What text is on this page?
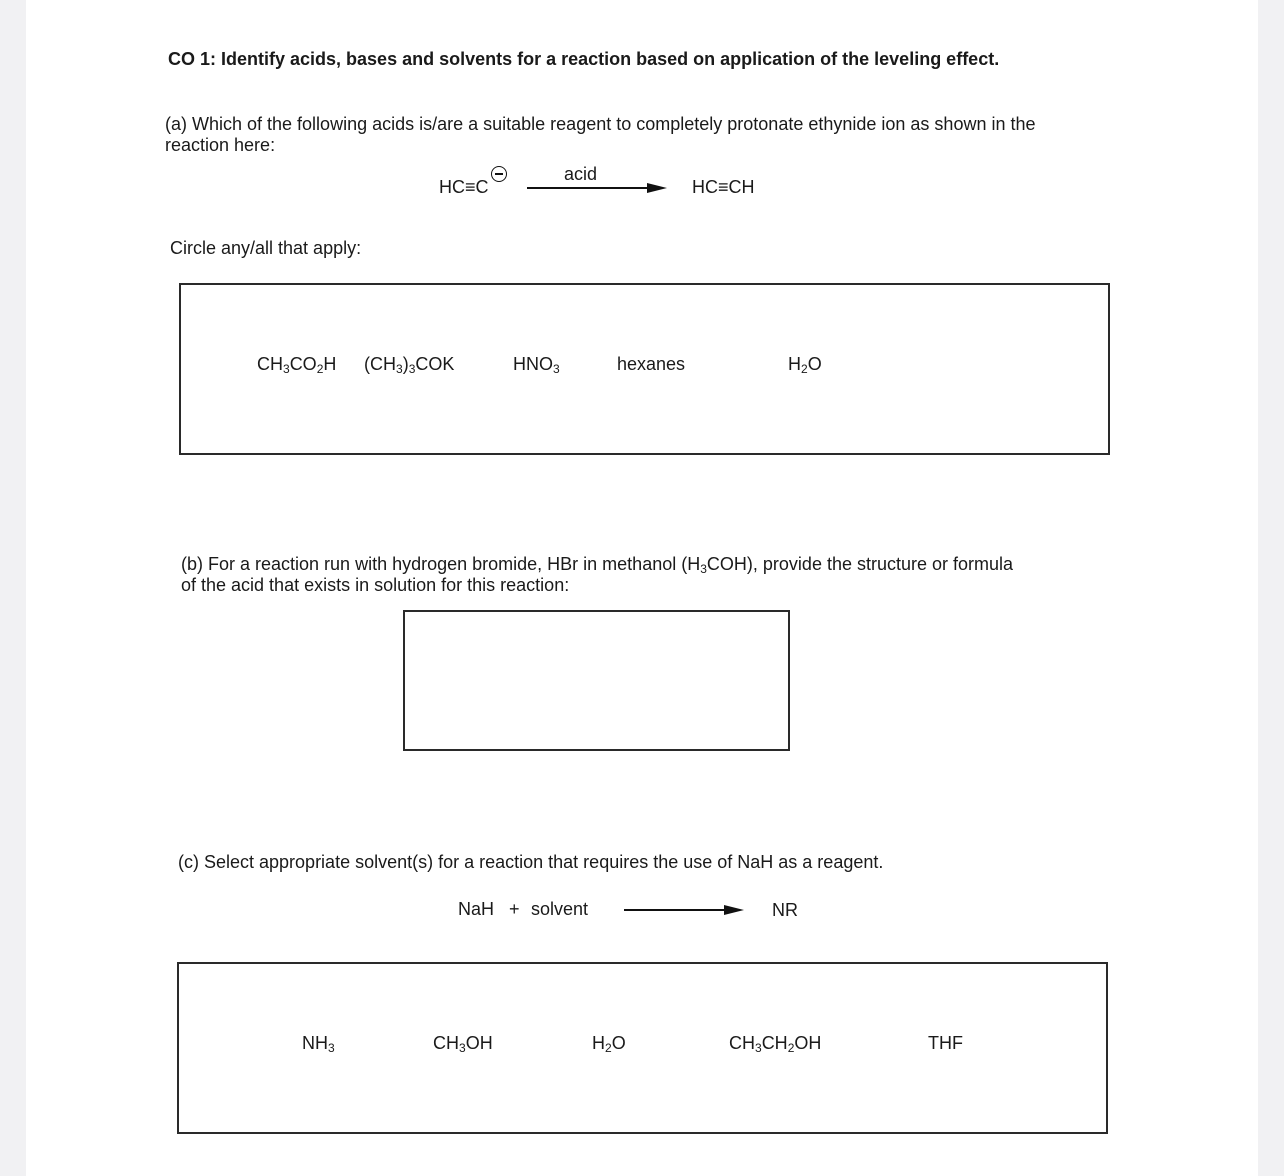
CO 1: Identify acids, bases and solvents for a reaction based on application of the leveling effect.
(a) Which of the following acids is/are a suitable reagent to completely protonate ethynide ion as shown in the
reaction here:
HC≡C
acid
HC≡CH
Circle any/all that apply:
$CH_3CO_2H$ $(CH_3)_3COK$	$HNO_3$	hexanes	$H_2O$
(b) For a reaction run with hydrogen bromide, HBr in methanol $(H_3COH)$, provide the structure or formula
of the acid that exists in solution for this reaction:
(c) Select appropriate solvent(s) for a reaction that requires the use of NaH as a reagent.
NaH + solvent	NR
$NH_3$	$CH_3OH$	$H_2O$	$CH_3CH_2OH$	THF
